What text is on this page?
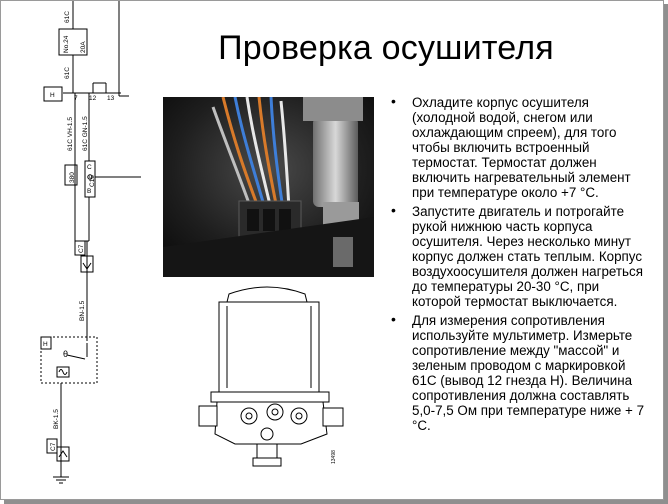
Проверка осушителя
61C
No.24 20A
61C
H	7 12 13
61C VH-1.5 61C GN-1.5
C15
380
C
B
C7
BN-1.5
H
θ
BK-1.5
C7
13498
• Охладите корпус осушителя (холодной водой, снегом или охлаждающим спреем), для того чтобы включить встроенный термостат. Термостат должен включить нагревательный элемент при температуре около +7 °С.
• Запустите двигатель и потрогайте рукой нижнюю часть корпуса осушителя. Через несколько минут корпус должен стать теплым. Корпус воздухоосушителя должен нагреться до температуры 20-30 °С, при которой термостат выключается.
• Для измерения сопротивления используйте мультиметр. Измерьте сопротивление между "массой" и зеленым проводом с маркировкой 61С (вывод 12 гнезда Н). Величина сопротивления должна составлять 5,0-7,5 Ом при температуре ниже + 7 °С.
